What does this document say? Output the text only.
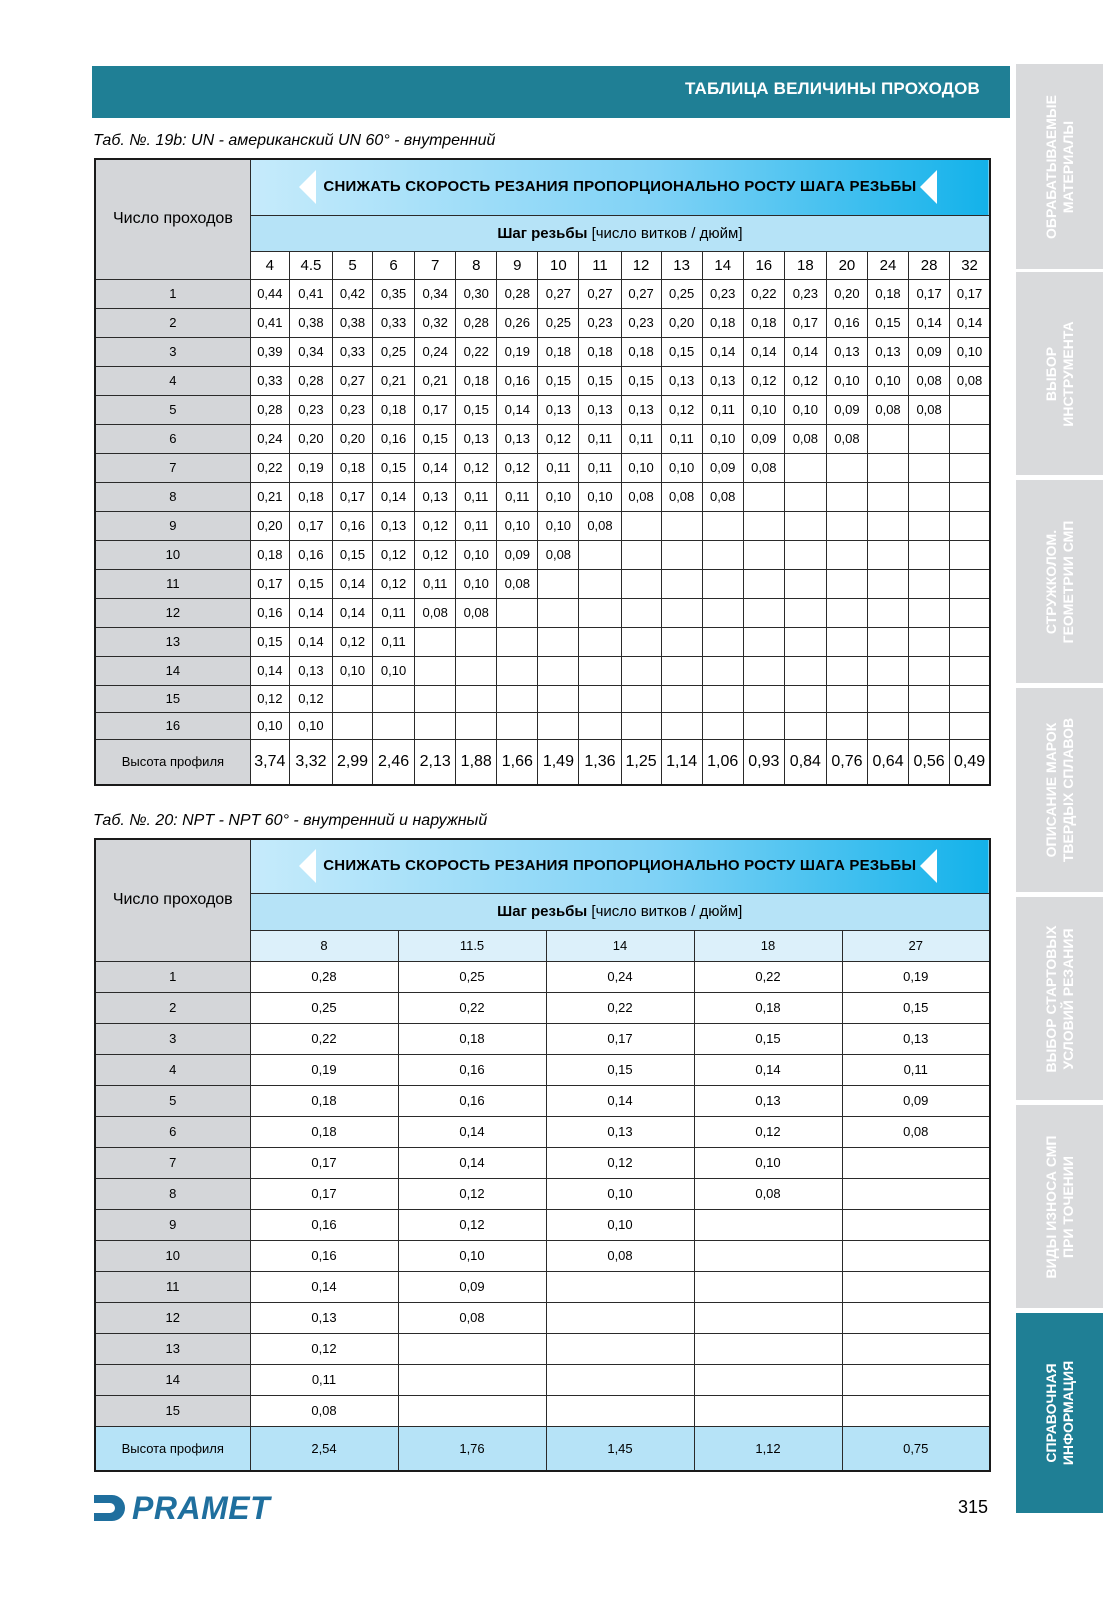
ТАБЛИЦА ВЕЛИЧИНЫ ПРОХОДОВ
Таб. №. 19b: UN - американский UN 60° - внутренний
Число проходов	СНИЖАТЬ СКОРОСТЬ РЕЗАНИЯ ПРОПОРЦИОНАЛЬНО РОСТУ ШАГА РЕЗЬБЫ																	

	Шаг резьбы [число витков / дюйм]																	
	4	4.5	5	6	7	8	9	10	11	12	13	14	16	18	20	24	28	32
1	0,44	0,41	0,42	0,35	0,34	0,30	0,28	0,27	0,27	0,27	0,25	0,23	0,22	0,23	0,20	0,18	0,17	0,17
2	0,41	0,38	0,38	0,33	0,32	0,28	0,26	0,25	0,23	0,23	0,20	0,18	0,18	0,17	0,16	0,15	0,14	0,14
3	0,39	0,34	0,33	0,25	0,24	0,22	0,19	0,18	0,18	0,18	0,15	0,14	0,14	0,14	0,13	0,13	0,09	0,10
4	0,33	0,28	0,27	0,21	0,21	0,18	0,16	0,15	0,15	0,15	0,13	0,13	0,12	0,12	0,10	0,10	0,08	0,08
5	0,28	0,23	0,23	0,18	0,17	0,15	0,14	0,13	0,13	0,13	0,12	0,11	0,10	0,10	0,09	0,08	0,08	
6	0,24	0,20	0,20	0,16	0,15	0,13	0,13	0,12	0,11	0,11	0,11	0,10	0,09	0,08	0,08			
7	0,22	0,19	0,18	0,15	0,14	0,12	0,12	0,11	0,11	0,10	0,10	0,09	0,08					
8	0,21	0,18	0,17	0,14	0,13	0,11	0,11	0,10	0,10	0,08	0,08	0,08						
9	0,20	0,17	0,16	0,13	0,12	0,11	0,10	0,10	0,08									
10	0,18	0,16	0,15	0,12	0,12	0,10	0,09	0,08										
11	0,17	0,15	0,14	0,12	0,11	0,10	0,08											
12	0,16	0,14	0,14	0,11	0,08	0,08												
13	0,15	0,14	0,12	0,11														
14	0,14	0,13	0,10	0,10														
15	0,12	0,12																
16	0,10	0,10																
Высота профиля	3,74	3,32	2,99	2,46	2,13	1,88	1,66	1,49	1,36	1,25	1,14	1,06	0,93	0,84	0,76	0,64	0,56	0,49
Таб. №. 20: NPT - NPT 60° - внутренний и наружный
Число проходов	СНИЖАТЬ СКОРОСТЬ РЕЗАНИЯ ПРОПОРЦИОНАЛЬНО РОСТУ ШАГА РЕЗЬБЫ				

	Шаг резьбы [число витков / дюйм]				
	8	11.5	14	18	27
1	0,28	0,25	0,24	0,22	0,19
2	0,25	0,22	0,22	0,18	0,15
3	0,22	0,18	0,17	0,15	0,13
4	0,19	0,16	0,15	0,14	0,11
5	0,18	0,16	0,14	0,13	0,09
6	0,18	0,14	0,13	0,12	0,08
7	0,17	0,14	0,12	0,10	
8	0,17	0,12	0,10	0,08	
9	0,16	0,12	0,10		
10	0,16	0,10	0,08		
11	0,14	0,09			
12	0,13	0,08			
13	0,12				
14	0,11				
15	0,08				
Высота профиля	2,54	1,76	1,45	1,12	0,75
PRAMET	315
ОБРАБАТЫВАЕМЫЕ
МАТЕРИАЛЫ
ВЫБОР
ИНСТРУМЕНТА
СТРУЖКОЛОМ.
ГЕОМЕТРИИ СМП
ОПИСАНИЕ МАРОК
ТВЕРДЫХ СПЛАВОВ
ВЫБОР СТАРТОВЫХ
УСЛОВИЙ РЕЗАНИЯ
ВИДЫ ИЗНОСА СМП
ПРИ ТОЧЕНИИ
СПРАВОЧНАЯ
ИНФОРМАЦИЯ
